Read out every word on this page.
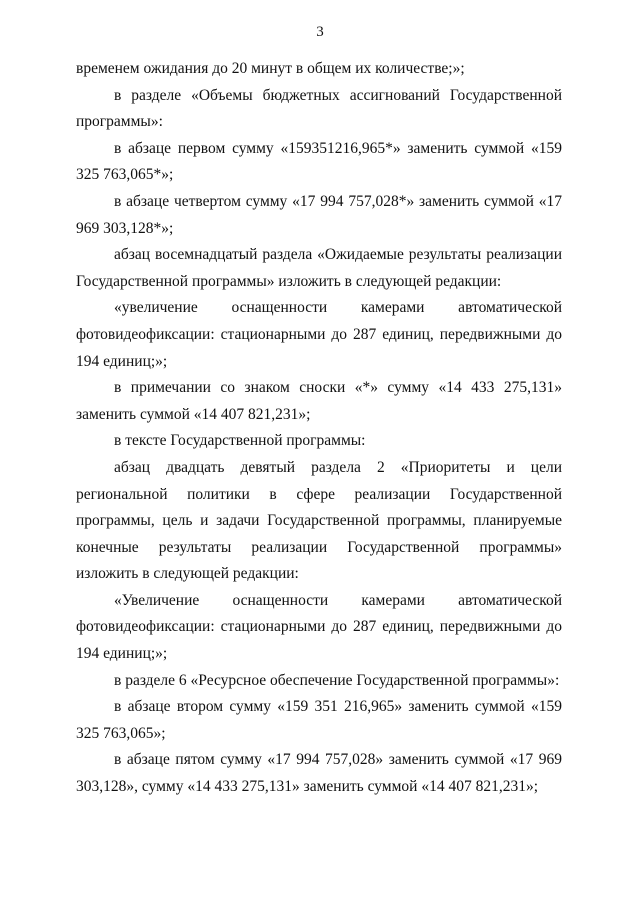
3

временем ожидания до 20 минут в общем их количестве;»;

в разделе «Объемы бюджетных ассигнований Государственной программы»:

в абзаце первом сумму «159351216,965*» заменить суммой «159 325 763,065*»;

в абзаце четвертом сумму «17 994 757,028*» заменить суммой «17 969 303,128*»;

абзац восемнадцатый раздела «Ожидаемые результаты реализации Государственной программы» изложить в следующей редакции:

«увеличение оснащенности камерами автоматической фотовидеофиксации: стационарными до 287 единиц, передвижными до 194 единиц;»;

в примечании со знаком сноски «*» сумму «14 433 275,131» заменить суммой «14 407 821,231»;

в тексте Государственной программы:

абзац двадцать девятый раздела 2 «Приоритеты и цели региональной политики в сфере реализации Государственной программы, цель и задачи Государственной программы, планируемые конечные результаты реализации Государственной программы» изложить в следующей редакции:

«Увеличение оснащенности камерами автоматической фотовидеофиксации: стационарными до 287 единиц, передвижными до 194 единиц;»;

в разделе 6 «Ресурсное обеспечение Государственной программы»:

в абзаце втором сумму «159 351 216,965» заменить суммой «159 325 763,065»;

в абзаце пятом сумму «17 994 757,028» заменить суммой «17 969 303,128», сумму «14 433 275,131» заменить суммой «14 407 821,231»;
